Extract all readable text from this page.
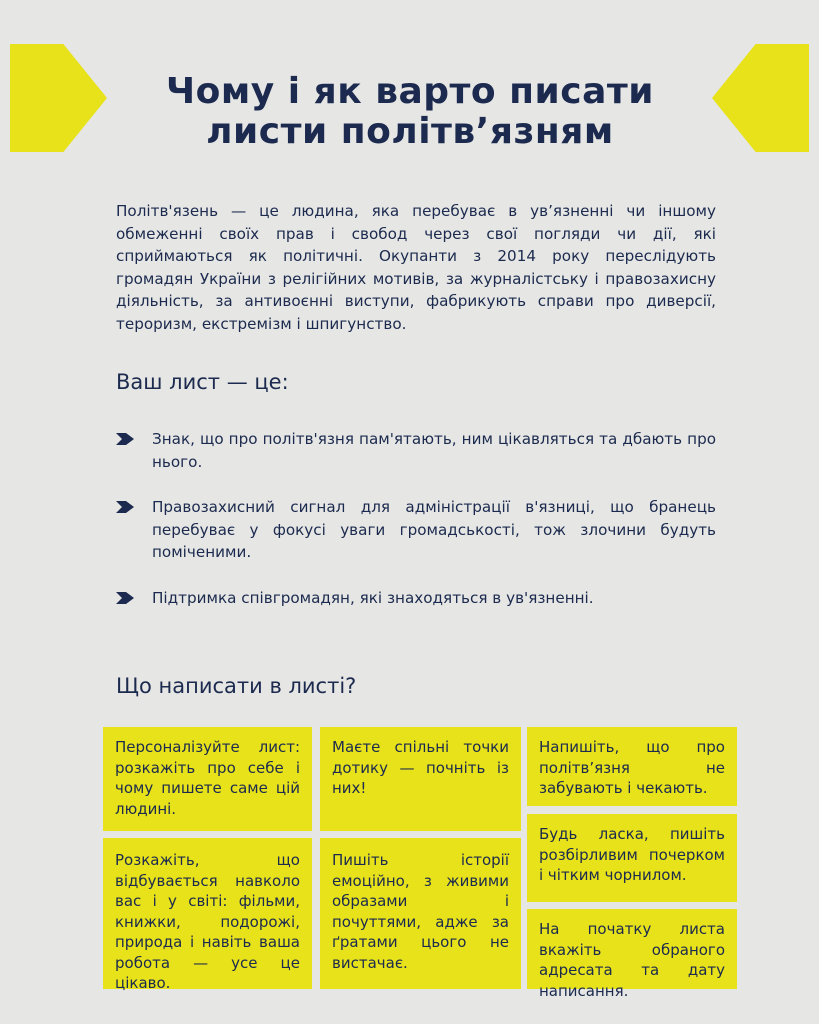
Чому і як варто писати
листи політв’язням

Політв'язень — це людина, яка перебуває в увʼязненні чи іншому обмеженні своїх прав і свобод через свої погляди чи дії, які сприймаються як політичні. Окупанти з 2014 року переслідують громадян України з релігійних мотивів, за журналістську і правозахисну діяльність, за антивоєнні виступи, фабрикують справи про диверсії, тероризм, екстремізм і шпигунство.

Ваш лист — це:
Знак, що про політв'язня пам'ятають, ним цікавляться та дбають про нього.
Правозахисний сигнал для адміністрації в'язниці, що бранець перебуває у фокусі уваги громадськості, тож злочини будуть поміченими.
Підтримка співгромадян, які знаходяться в ув'язненні.
Що написати в листі?
Персоналізуйте лист: розкажіть про себе і чому пишете саме цій людині.
Маєте спільні точки дотику — почніть із них!
Напишіть, що про політвʼязня не забувають і чекають.
Розкажіть, що відбувається навколо вас і у світі: фільми, книжки, подорожі, природа і навіть ваша робота — усе це цікаво.
Пишіть історії емоційно, з живими образами і почуттями, адже за ґратами цього не вистачає.
Будь ласка, пишіть розбірливим почерком і чітким чорнилом.
На початку листа вкажіть обраного адресата та дату написання.
